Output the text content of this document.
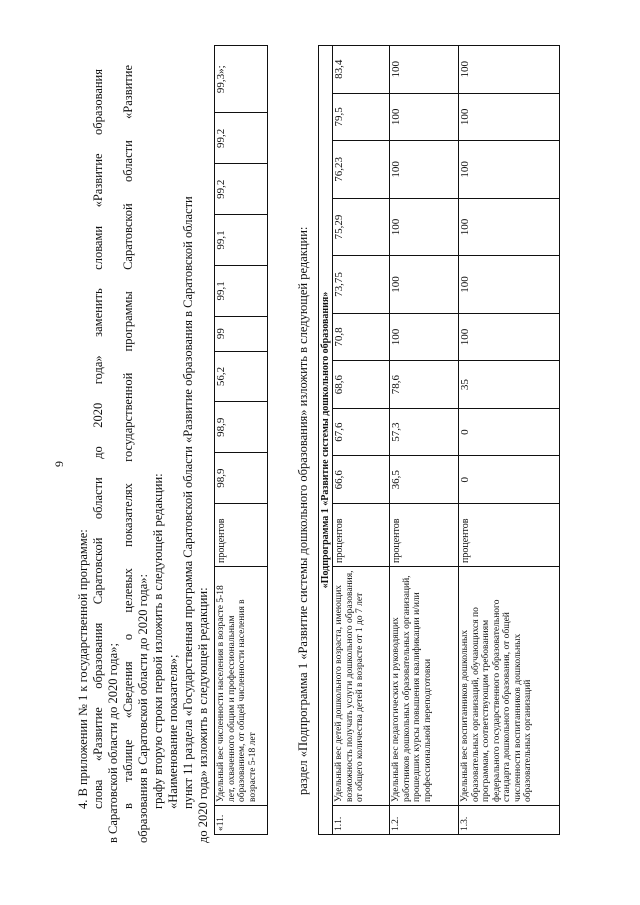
9
4. В приложении № 1 к государственной программе: слова «Развитие образования Саратовской области до 2020 года» заменить словами «Развитие образования в Саратовской области до 2020 года»; в таблице «Сведения о целевых показателях государственной программы Саратовской области «Развитие образования в Саратовской области до 2020 года»: графу вторую строки первой изложить в следующей редакции: «Наименование показателя»; пункт 11 раздела «Государственная программа Саратовской области «Развитие образования в Саратовской области до 2020 года» изложить в следующей редакции: «11.	Удельный вес численности населения в возрасте 5-18 лет, охваченного общим и профессиональным образованием, от общей численности населения в возрасте 5-18 лет	процентов	98,9	98,9	56,2	99	99,1	99,1	99,2	99,2	99,3»;
раздел «Подпрограмма 1 «Развитие системы дошкольного образования» изложить в следующей редакции: «Подпрограмма 1 «Развитие системы дошкольного образования»											
1.1.	Удельный вес детей дошкольного возраста, имеющих возможность получать услуги дошкольного образования, от общего количества детей в возрасте от 1 до 7 лет	процентов	66,6	67,6	68,6	70,8	73,75	75,29	76,23	79,5	83,4
1.2.	Удельный вес педагогических и руководящих работников дошкольных образовательных организаций, прошедших курсы повышения квалификации и/или профессиональной переподготовки	процентов	36,5	57,3	78,6	100	100	100	100	100	100
1.3.	Удельный вес воспитанников дошкольных образовательных организаций, обучающихся по программам, соответствующим требованиям федерального государственного образовательного стандарта дошкольного образования, от общей численности воспитанников дошкольных образовательных организаций	процентов	0	0	35	100	100	100	100	100	100
